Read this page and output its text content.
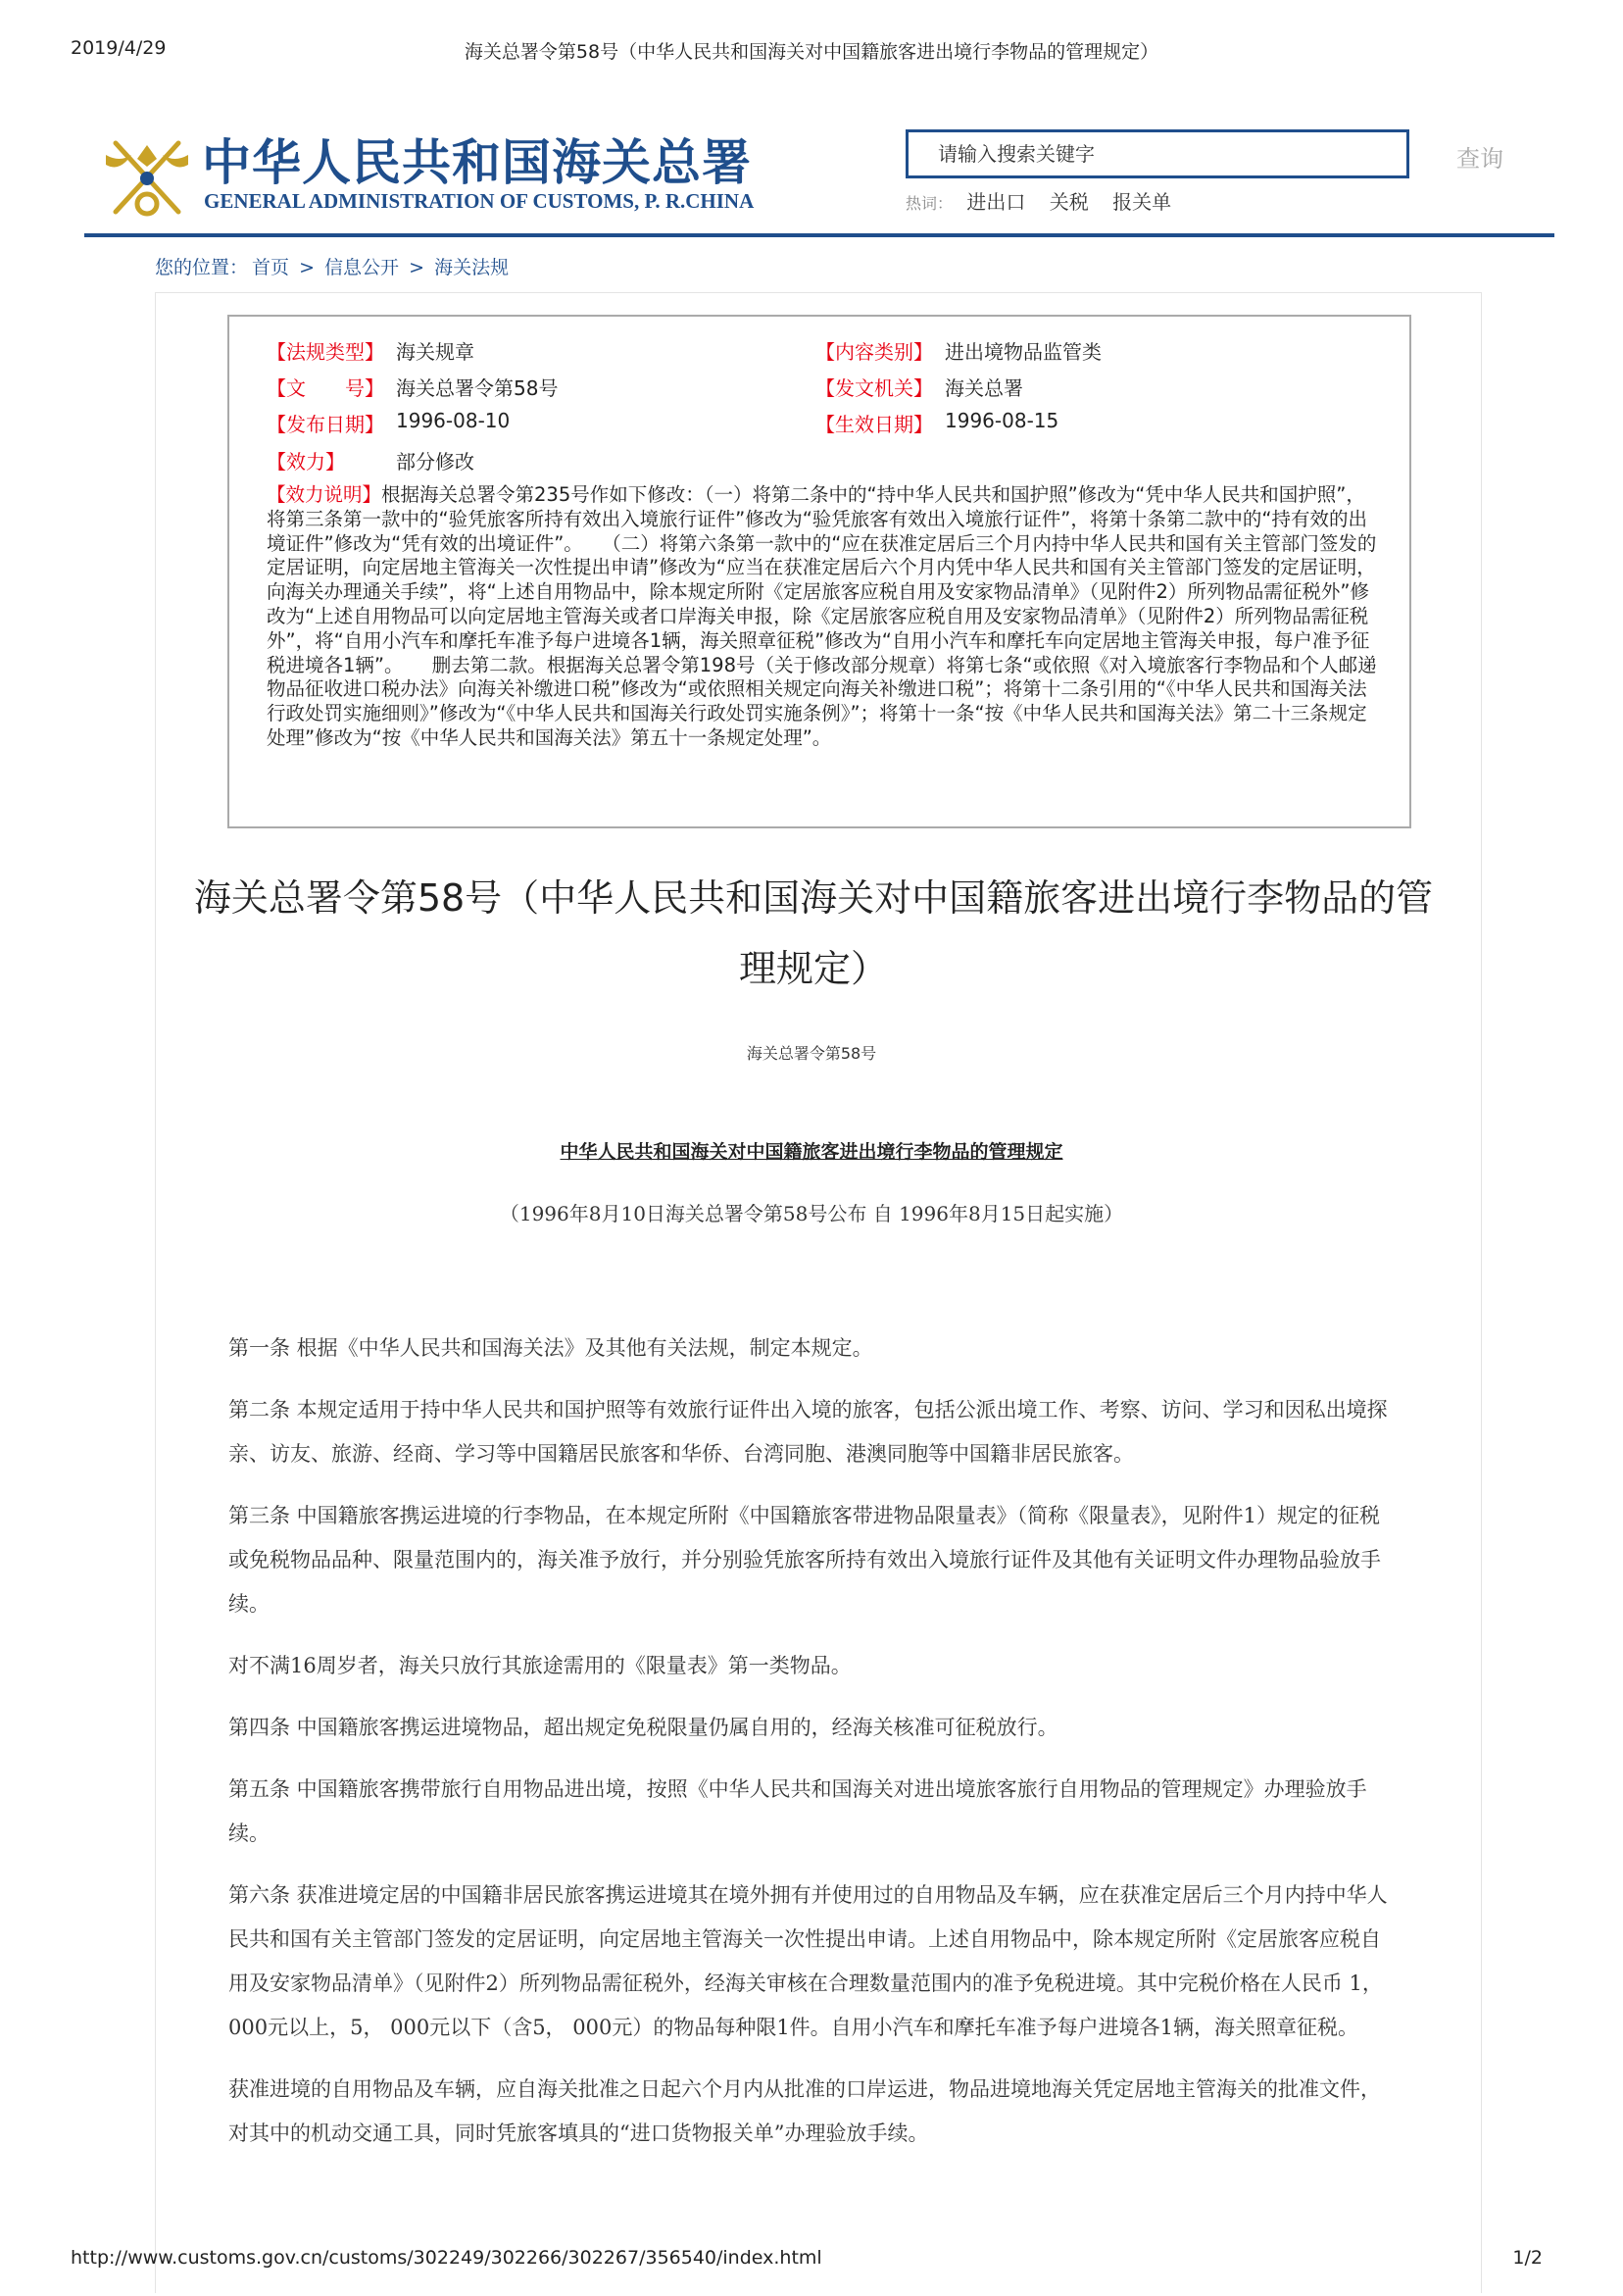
2019/4/29	海关总署令第58号（中华人民共和国海关对中国籍旅客进出境行李物品的管理规定）
中华人民共和国海关总署
GENERAL ADMINISTRATION OF CUSTOMS, P. R.CHINA
请输入搜索关键字	查询
热词： 进出口 关税 报关单
您的位置： 首页 > 信息公开 > 海关法规
【法规类型】 海关规章	【内容类别】 进出境物品监管类
【文　　号】 海关总署令第58号	【发文机关】 海关总署
【发布日期】 1996-08-10	【生效日期】 1996-08-15
【效力】	部分修改
【效力说明】根据海关总署令第235号作如下修改：（一）将第二条中的“持中华人民共和国护照”修改为“凭中华人民共和国护照”，将第三条第一款中的“验凭旅客所持有效出入境旅行证件”修改为“验凭旅客有效出入境旅行证件”，将第十条第二款中的“持有效的出境证件”修改为“凭有效的出境证件”。　　（二）将第六条第一款中的“应在获准定居后三个月内持中华人民共和国有关主管部门签发的定居证明，向定居地主管海关一次性提出申请”修改为“应当在获准定居后六个月内凭中华人民共和国有关主管部门签发的定居证明，向海关办理通关手续”，将“上述自用物品中，除本规定所附《定居旅客应税自用及安家物品清单》（见附件2）所列物品需征税外”修改为“上述自用物品可以向定居地主管海关或者口岸海关申报，除《定居旅客应税自用及安家物品清单》（见附件2）所列物品需征税外”，将“自用小汽车和摩托车准予每户进境各1辆，海关照章征税”修改为“自用小汽车和摩托车向定居地主管海关申报，每户准予征税进境各1辆”。　　删去第二款。根据海关总署令第198号（关于修改部分规章）将第七条“或依照《对入境旅客行李物品和个人邮递物品征收进口税办法》向海关补缴进口税”修改为“或依照相关规定向海关补缴进口税”；将第十二条引用的“《中华人民共和国海关法行政处罚实施细则》”修改为“《中华人民共和国海关行政处罚实施条例》”；将第十一条“按《中华人民共和国海关法》第二十三条规定处理”修改为“按《中华人民共和国海关法》第五十一条规定处理”。
海关总署令第58号（中华人民共和国海关对中国籍旅客进出境行李物品的管理规定）
海关总署令第58号
中华人民共和国海关对中国籍旅客进出境行李物品的管理规定
（1996年8月10日海关总署令第58号公布 自 1996年8月15日起实施）

第一条 根据《中华人民共和国海关法》及其他有关法规，制定本规定。

第二条 本规定适用于持中华人民共和国护照等有效旅行证件出入境的旅客，包括公派出境工作、考察、访问、学习和因私出境探亲、访友、旅游、经商、学习等中国籍居民旅客和华侨、台湾同胞、港澳同胞等中国籍非居民旅客。

第三条 中国籍旅客携运进境的行李物品，在本规定所附《中国籍旅客带进物品限量表》（简称《限量表》，见附件1）规定的征税或免税物品品种、限量范围内的，海关准予放行，并分别验凭旅客所持有效出入境旅行证件及其他有关证明文件办理物品验放手续。

对不满16周岁者，海关只放行其旅途需用的《限量表》第一类物品。

第四条 中国籍旅客携运进境物品，超出规定免税限量仍属自用的，经海关核准可征税放行。

第五条 中国籍旅客携带旅行自用物品进出境，按照《中华人民共和国海关对进出境旅客旅行自用物品的管理规定》办理验放手续。

第六条 获准进境定居的中国籍非居民旅客携运进境其在境外拥有并使用过的自用物品及车辆，应在获准定居后三个月内持中华人民共和国有关主管部门签发的定居证明，向定居地主管海关一次性提出申请。上述自用物品中，除本规定所附《定居旅客应税自用及安家物品清单》（见附件2）所列物品需征税外，经海关审核在合理数量范围内的准予免税进境。其中完税价格在人民币 1， 000元以上，5， 000元以下（含5， 000元）的物品每种限1件。自用小汽车和摩托车准予每户进境各1辆，海关照章征税。

获准进境的自用物品及车辆，应自海关批准之日起六个月内从批准的口岸运进，物品进境地海关凭定居地主管海关的批准文件，对其中的机动交通工具，同时凭旅客填具的“进口货物报关单”办理验放手续。

http://www.customs.gov.cn/customs/302249/302266/302267/356540/index.html	1/2
